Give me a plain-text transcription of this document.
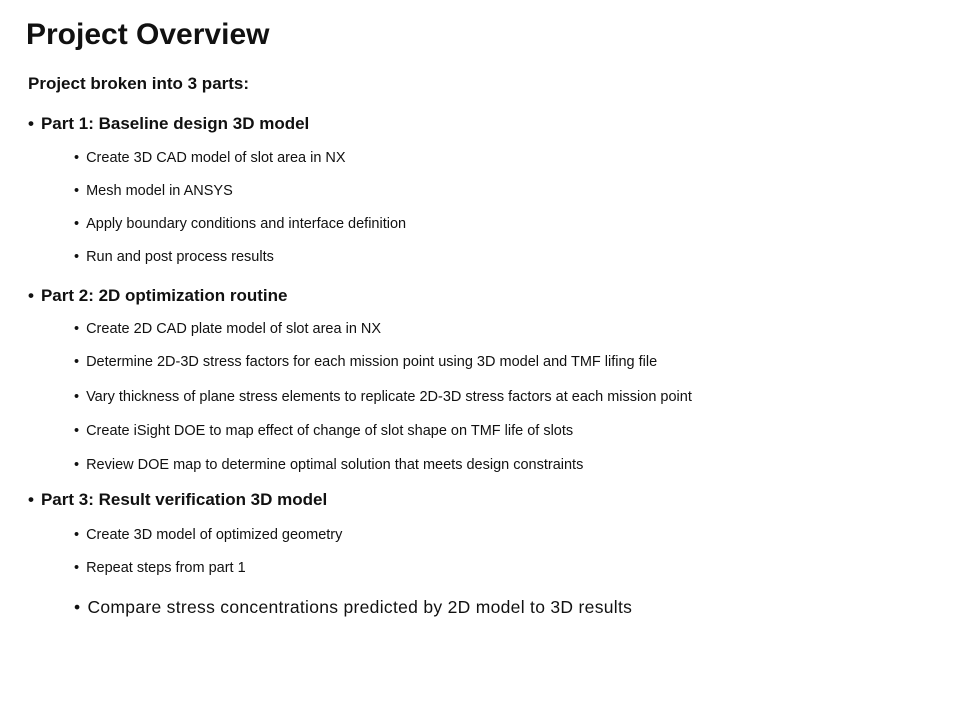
Project Overview
Project broken into 3 parts:
• Part 1: Baseline design 3D model
• Create 3D CAD model of slot area in NX
• Mesh model in ANSYS
• Apply boundary conditions and interface definition
• Run and post process results
• Part 2: 2D optimization routine
• Create 2D CAD plate model of slot area in NX
• Determine 2D-3D stress factors for each mission point using 3D model and TMF lifing file
• Vary thickness of plane stress elements to replicate 2D-3D stress factors at each mission point
• Create iSight DOE to map effect of change of slot shape on TMF life of slots
• Review DOE map to determine optimal solution that meets design constraints
• Part 3: Result verification 3D model
• Create 3D model of optimized geometry
• Repeat steps from part 1
• Compare stress concentrations predicted by 2D model to 3D results
